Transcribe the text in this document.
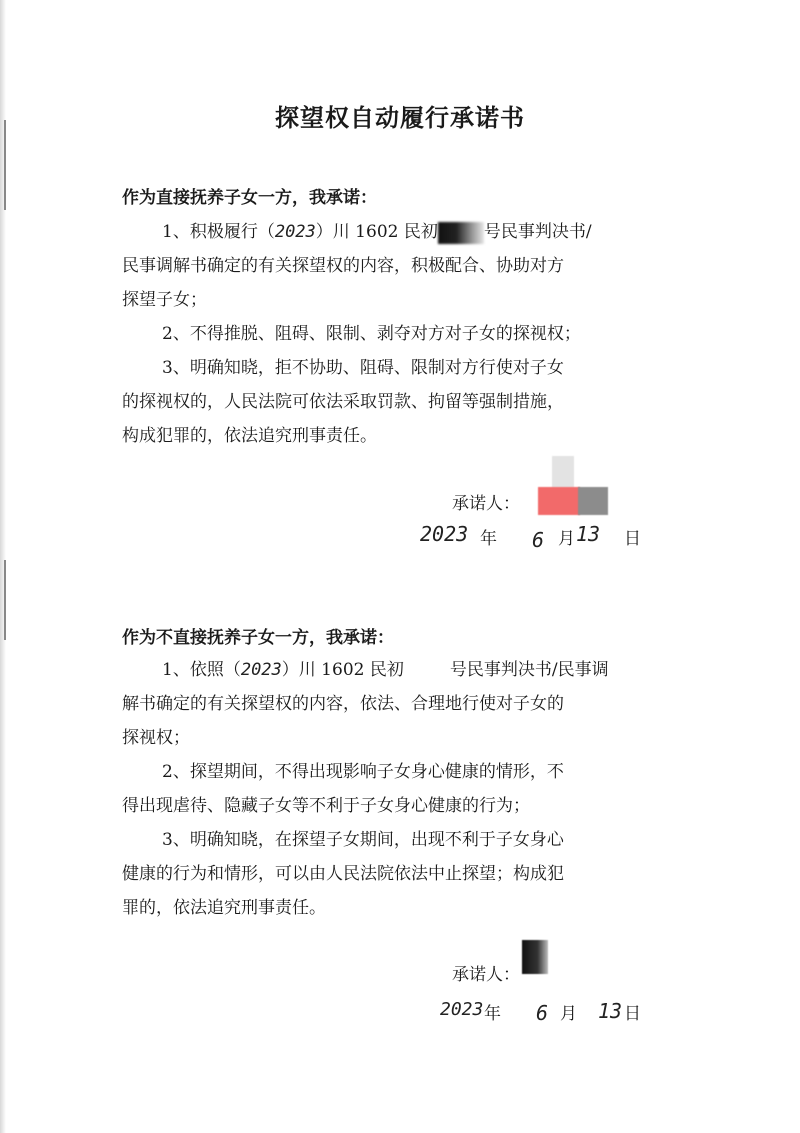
探望权自动履行承诺书
作为直接抚养子女一方，我承诺：
1、积极履行（2023）川 1602 民初	号民事判决书/
民事调解书确定的有关探望权的内容，积极配合、协助对方
探望子女；
2、不得推脱、阻碍、限制、剥夺对方对子女的探视权；
3、明确知晓，拒不协助、阻碍、限制对方行使对子女
的探视权的，人民法院可依法采取罚款、拘留等强制措施，
构成犯罪的，依法追究刑事责任。
承诺人：
2023 年 6 月 13 日
作为不直接抚养子女一方，我承诺：
1、依照（2023）川 1602 民初	号民事判决书/民事调
解书确定的有关探望权的内容，依法、合理地行使对子女的
探视权；
2、探望期间，不得出现影响子女身心健康的情形，不
得出现虐待、隐藏子女等不利于子女身心健康的行为；
3、明确知晓，在探望子女期间，出现不利于子女身心
健康的行为和情形，可以由人民法院依法中止探望；构成犯
罪的，依法追究刑事责任。
承诺人：
2023 年 6 月 13 日
